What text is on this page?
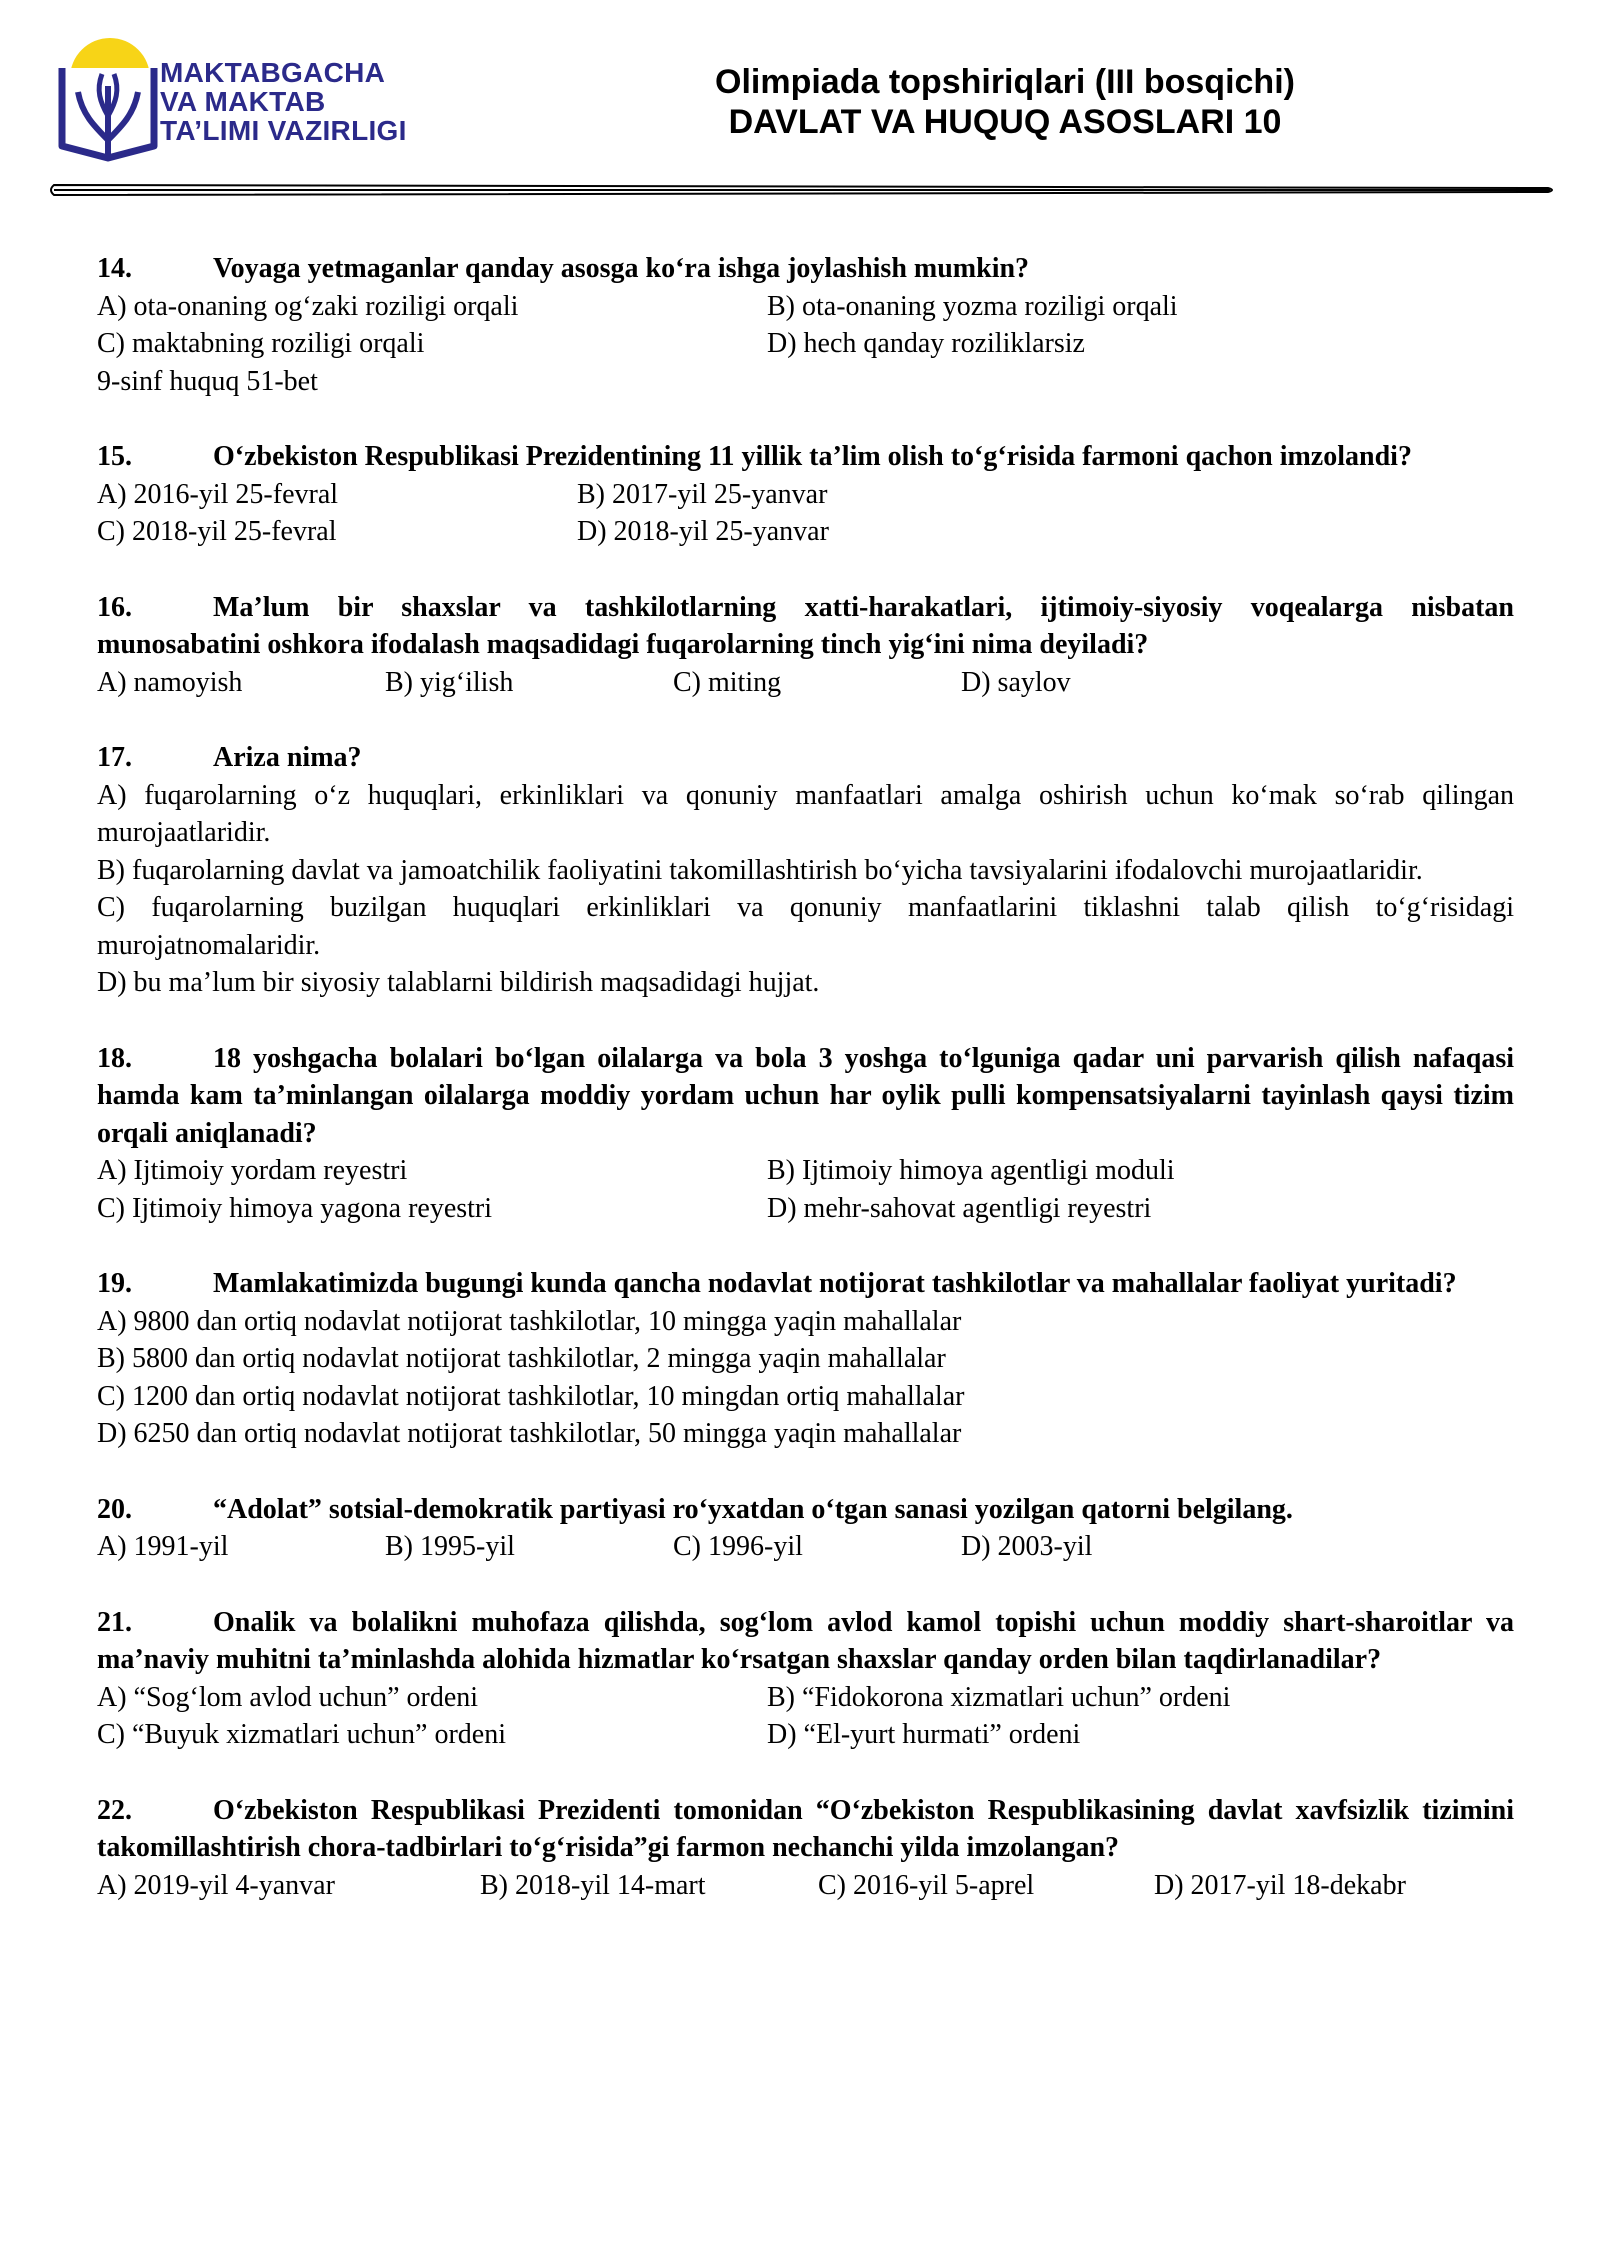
MAKTABGACHA
VA MAKTAB
TA’LIMI VAZIRLIGI
Olimpiada topshiriqlari (III bosqichi)
DAVLAT VA HUQUQ ASOSLARI 10
14.	Voyaga yetmaganlar qanday asosga ko‘ra ishga joylashish mumkin?
A) ota-onaning og‘zaki roziligi orqali	B) ota-onaning yozma roziligi orqali
C) maktabning roziligi orqali	D) hech qanday roziliklarsiz
9-sinf huquq 51-bet
15.	O‘zbekiston Respublikasi Prezidentining 11 yillik ta’lim olish to‘g‘risida farmoni qachon imzolandi?
A) 2016-yil 25-fevral	B) 2017-yil 25-yanvar
C) 2018-yil 25-fevral	D) 2018-yil 25-yanvar
16.	Ma’lum bir shaxslar va tashkilotlarning xatti-harakatlari, ijtimoiy-siyosiy voqealarga nisbatan munosabatini oshkora ifodalash maqsadidagi fuqarolarning tinch yig‘ini nima deyiladi?
A) namoyish	B) yig‘ilish	C) miting	D) saylov
17.	Ariza nima?
A) fuqarolarning o‘z huquqlari, erkinliklari va qonuniy manfaatlari amalga oshirish uchun ko‘mak so‘rab qilingan murojaatlaridir.
B) fuqarolarning davlat va jamoatchilik faoliyatini takomillashtirish bo‘yicha tavsiyalarini ifodalovchi murojaatlaridir.
C) fuqarolarning buzilgan huquqlari erkinliklari va qonuniy manfaatlarini tiklashni talab qilish to‘g‘risidagi murojatnomalaridir.
D) bu ma’lum bir siyosiy talablarni bildirish maqsadidagi hujjat.
18.	18 yoshgacha bolalari bo‘lgan oilalarga va bola 3 yoshga to‘lguniga qadar uni parvarish qilish nafaqasi hamda kam ta’minlangan oilalarga moddiy yordam uchun har oylik pulli kompensatsiyalarni tayinlash qaysi tizim orqali aniqlanadi?
A) Ijtimoiy yordam reyestri	B) Ijtimoiy himoya agentligi moduli
C) Ijtimoiy himoya yagona reyestri	D) mehr-sahovat agentligi reyestri
19.	Mamlakatimizda bugungi kunda qancha nodavlat notijorat tashkilotlar va mahallalar faoliyat yuritadi?
A) 9800 dan ortiq nodavlat notijorat tashkilotlar, 10 mingga yaqin mahallalar
B) 5800 dan ortiq nodavlat notijorat tashkilotlar, 2 mingga yaqin mahallalar
C) 1200 dan ortiq nodavlat notijorat tashkilotlar, 10 mingdan ortiq mahallalar
D) 6250 dan ortiq nodavlat notijorat tashkilotlar, 50 mingga yaqin mahallalar
20.	“Adolat” sotsial-demokratik partiyasi ro‘yxatdan o‘tgan sanasi yozilgan qatorni belgilang.
A) 1991-yil	B) 1995-yil	C) 1996-yil	D) 2003-yil
21.	Onalik va bolalikni muhofaza qilishda, sog‘lom avlod kamol topishi uchun moddiy shart-sharoitlar va ma’naviy muhitni ta’minlashda alohida hizmatlar ko‘rsatgan shaxslar qanday orden bilan taqdirlanadilar?
A) “Sog‘lom avlod uchun” ordeni	B) “Fidokorona xizmatlari uchun” ordeni
C) “Buyuk xizmatlari uchun” ordeni	D) “El-yurt hurmati” ordeni
22.	O‘zbekiston Respublikasi Prezidenti tomonidan “O‘zbekiston Respublikasining davlat xavfsizlik tizimini takomillashtirish chora-tadbirlari to‘g‘risida”gi farmon nechanchi yilda imzolangan?
A) 2019-yil 4-yanvar	B) 2018-yil 14-mart	C) 2016-yil 5-aprel	D) 2017-yil 18-dekabr
